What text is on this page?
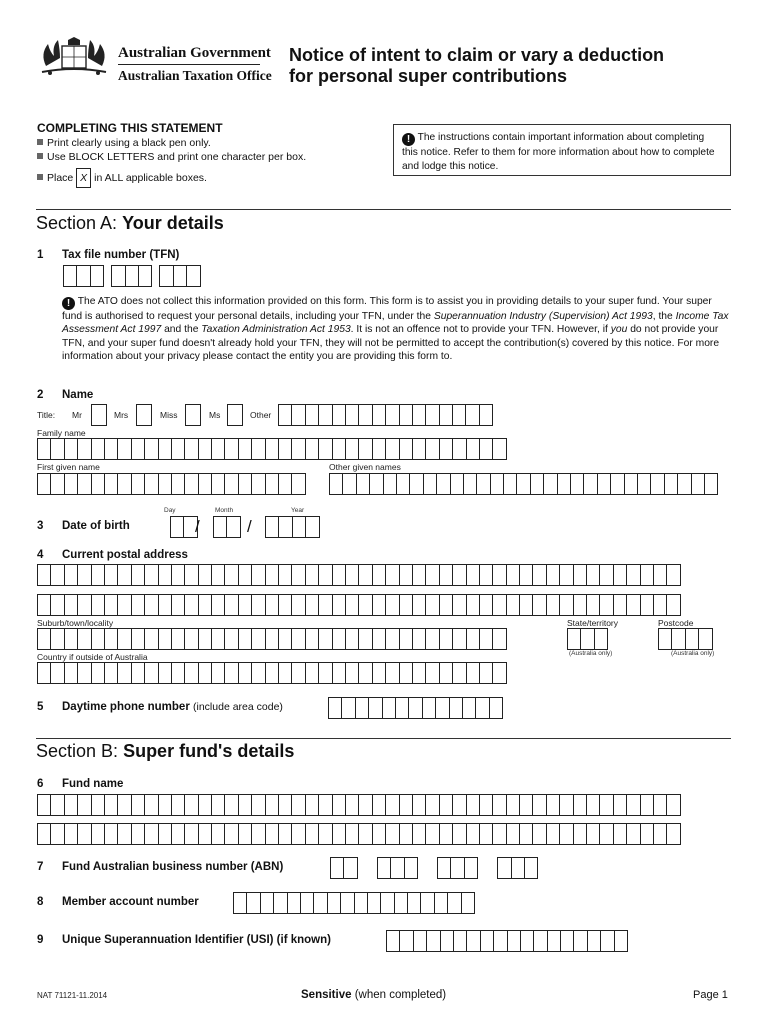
Australian Government
Australian Taxation Office
Notice of intent to claim or vary a deduction
for personal super contributions
COMPLETING THIS STATEMENT
Print clearly using a black pen only.
Use BLOCK LETTERS and print one character per box.
Place X in ALL applicable boxes.
! The instructions contain important information about completing this notice. Refer to them for more information about how to complete and lodge this notice.
Section A: Your details
1 Tax file number (TFN)
! The ATO does not collect this information provided on this form. This form is to assist you in providing details to your super fund. Your super fund is authorised to request your personal details, including your TFN, under the Superannuation Industry (Supervision) Act 1993, the Income Tax Assessment Act 1997 and the Taxation Administration Act 1953. It is not an offence not to provide your TFN. However, if you do not provide your TFN, and your super fund doesn't already hold your TFN, they will not be permitted to accept the contribution(s) covered by this notice. For more information about your privacy please contact the entity you are providing this form to.
2 Name
Title: Mr	Mrs	Miss	Ms	Other
Family name
First given name	Other given names
Day	Month	Year
3 Date of birth	/	/
4 Current postal address
Suburb/town/locality	State/territory
(Australia only)
Postcode
(Australia only)
Country if outside of Australia
5 Daytime phone number (include area code)
Section B: Super fund's details
6 Fund name
7 Fund Australian business number (ABN)
8 Member account number
9 Unique Superannuation Identifier (USI) (if known)
NAT 71121-11.2014	Sensitive (when completed)	Page 1
